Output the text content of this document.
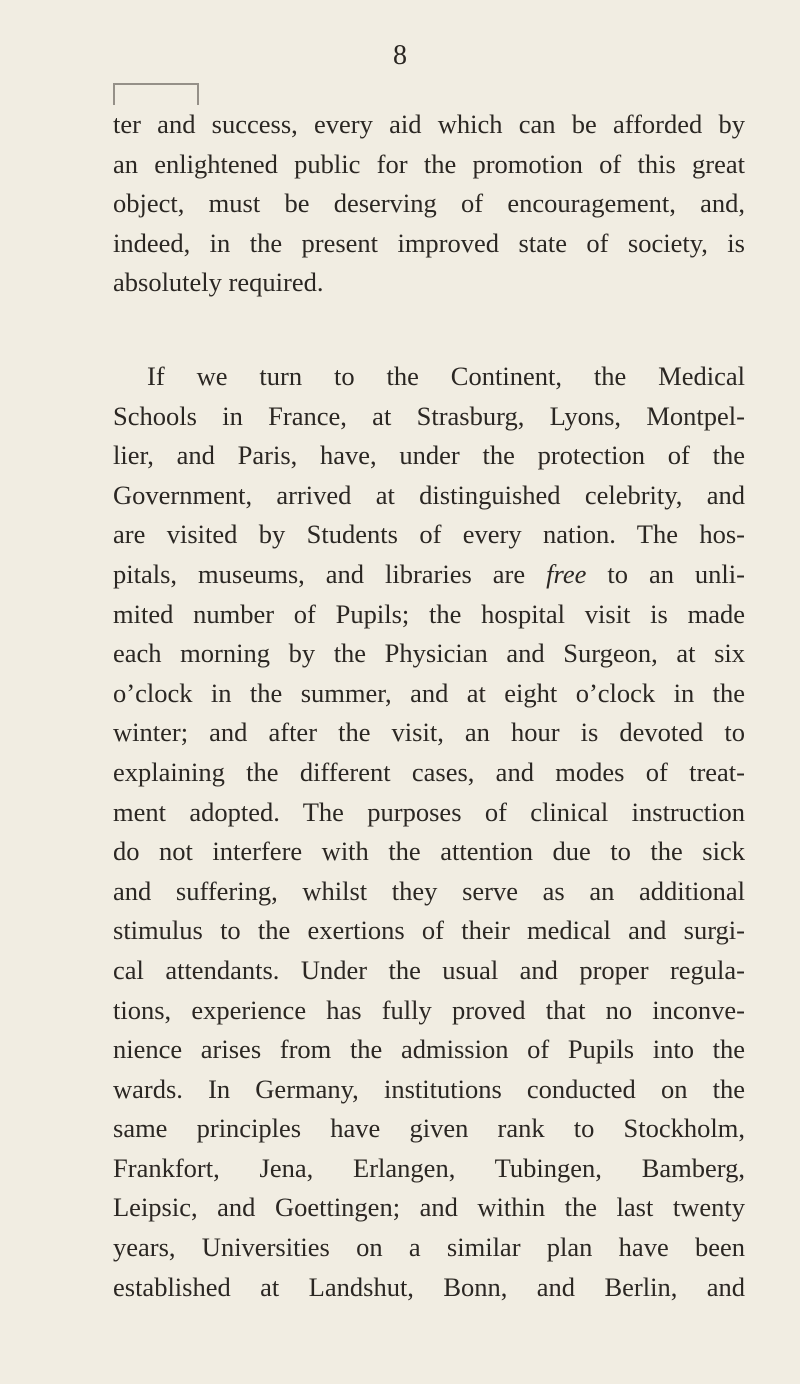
8
ter and success, every aid which can be afforded by
an enlightened public for the promotion of this great
object, must be deserving of encouragement, and,
indeed, in the present improved state of society, is
absolutely required.
If we turn to the Continent, the Medical
Schools in France, at Strasburg, Lyons, Montpel-
lier, and Paris, have, under the protection of the
Government, arrived at distinguished celebrity, and
are visited by Students of every nation. The hos-
pitals, museums, and libraries are free to an unli-
mited number of Pupils; the hospital visit is made
each morning by the Physician and Surgeon, at six
o’clock in the summer, and at eight o’clock in the
winter; and after the visit, an hour is devoted to
explaining the different cases, and modes of treat-
ment adopted. The purposes of clinical instruction
do not interfere with the attention due to the sick
and suffering, whilst they serve as an additional
stimulus to the exertions of their medical and surgi-
cal attendants. Under the usual and proper regula-
tions, experience has fully proved that no inconve-
nience arises from the admission of Pupils into the
wards. In Germany, institutions conducted on the
same principles have given rank to Stockholm,
Frankfort, Jena, Erlangen, Tubingen, Bamberg,
Leipsic, and Goettingen; and within the last twenty
years, Universities on a similar plan have been
established at Landshut, Bonn, and Berlin, and
